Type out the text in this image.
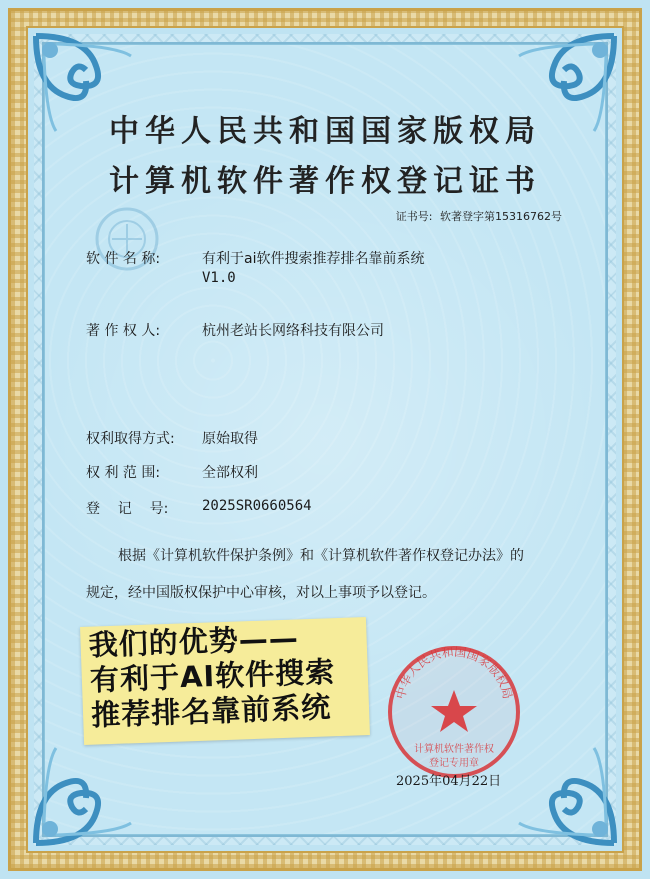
中华人民共和国国家版权局
计算机软件著作权登记证书
证书号: 软著登字第15316762号
软 件 名 称:	有利于ai软件搜索推荐排名靠前系统
V1.0
著 作 权 人:	杭州老站长网络科技有限公司
权利取得方式: 原始取得
权 利 范 围:	全部权利
登    记    号: 2025SR0660564
根据《计算机软件保护条例》和《计算机软件著作权登记办法》的
规定，经中国版权保护中心审核，对以上事项予以登记。
我们的优势——
有利于AI软件搜索
推荐排名靠前系统	中华人民共和国国家版权局
计算机软件著作权
登记专用章
2025年04月22日
